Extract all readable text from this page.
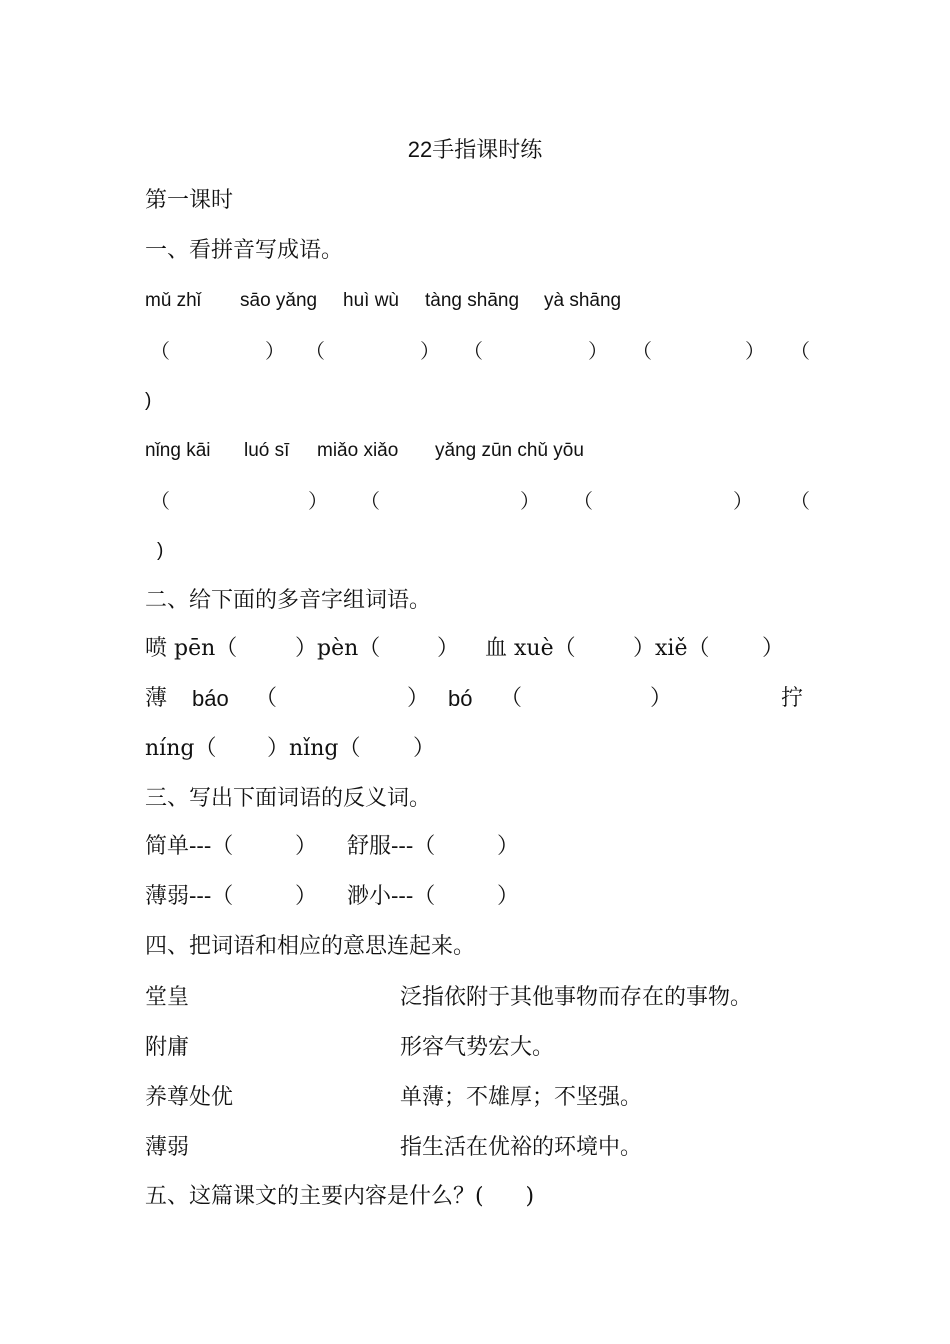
22手指课时练
第一课时
一、看拼音写成语。
mǔ zhǐ sāo yǎng huì wù tàng shāng yà shāng
（	） （	） （	） （	） （
)
nǐng kāi luó sī miǎo xiǎo yǎng zūn chǔ yōu
（	） （	） （	） （
)
二、给下面的多音字组词语。
喷 pēn（	）pèn（	） 血 xuè（	）xiě（ ）
薄 báo （	） bó （	）	拧
níng（ ）nǐng（ ）
三、写出下面词语的反义词。
简单---（	） 舒服---（	）
薄弱---（	） 渺小---（	）
四、把词语和相应的意思连起来。
堂皇	泛指依附于其他事物而存在的事物。
附庸	形容气势宏大。
养尊处优	单薄；不雄厚；不坚强。
薄弱	指生活在优裕的环境中。
五、这篇课文的主要内容是什么？(      )
